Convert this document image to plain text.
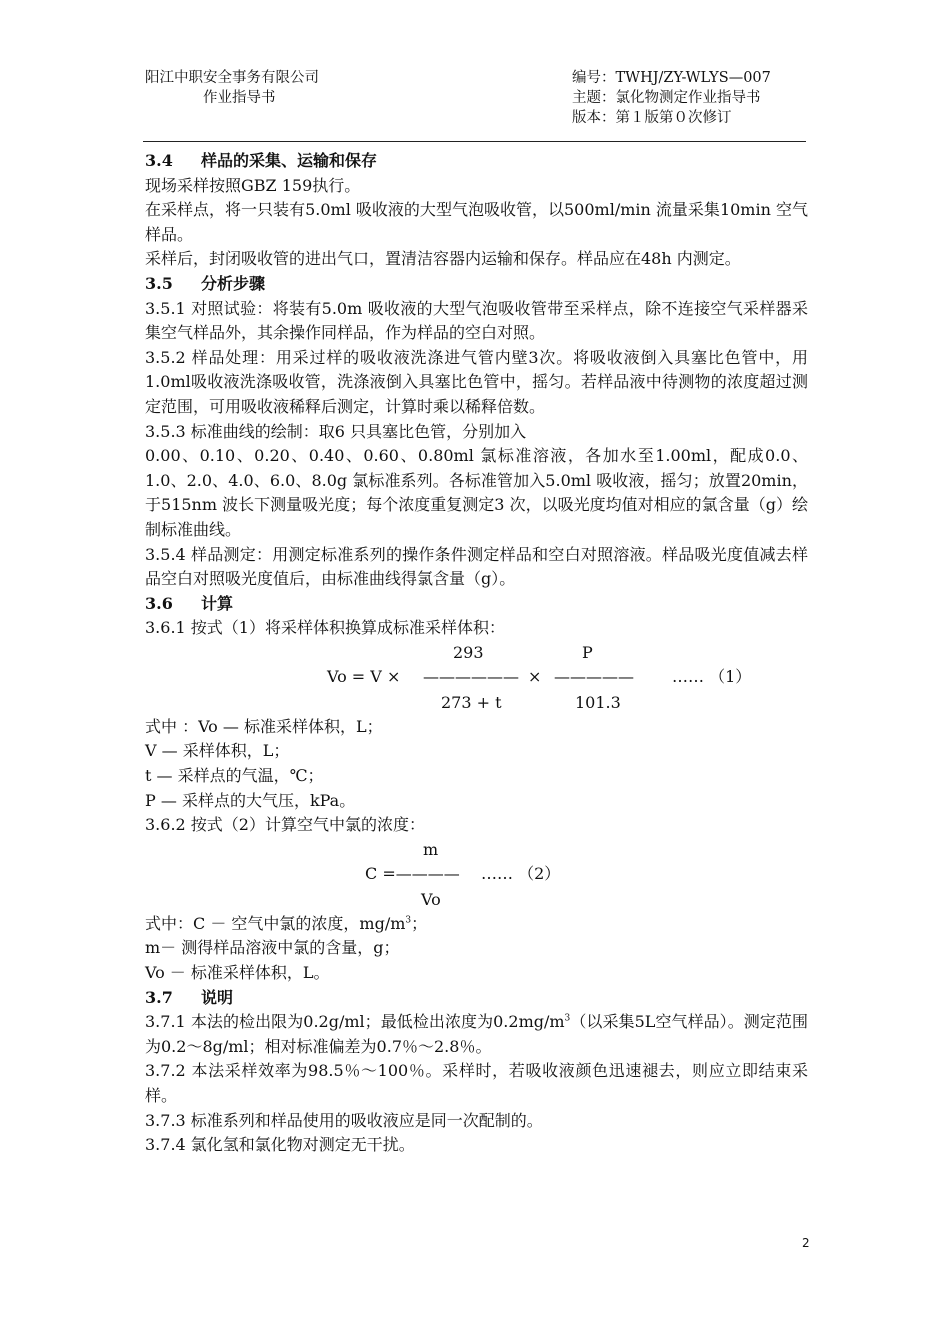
阳江中职安全事务有限公司
作业指导书
编号：TWHJ/ZY-WLYS—007
主题：氯化物测定作业指导书
版本：第１版第０次修订
3.4 样品的采集、运输和保存

现场采样按照GBZ 159执行。

在采样点，将一只装有5.0ml 吸收液的大型气泡吸收管，以500ml/min 流量采集10min 空气样品。

采样后，封闭吸收管的进出气口，置清洁容器内运输和保存。样品应在48h 内测定。

3.5 分析步骤

3.5.1 对照试验：将装有5.0m 吸收液的大型气泡吸收管带至采样点，除不连接空气采样器采集空气样品外，其余操作同样品，作为样品的空白对照。

3.5.2 样品处理：用采过样的吸收液洗涤进气管内壁3次。将吸收液倒入具塞比色管中，用1.0ml吸收液洗涤吸收管，洗涤液倒入具塞比色管中，摇匀。若样品液中待测物的浓度超过测定范围，可用吸收液稀释后测定，计算时乘以稀释倍数。

3.5.3 标准曲线的绘制：取6 只具塞比色管，分别加入

0.00、0.10、0.20、0.40、0.60、0.80ml 氯标准溶液，各加水至1.00ml，配成0.0、1.0、2.0、4.0、6.0、8.0g 氯标准系列。各标准管加入5.0ml 吸收液，摇匀；放置20min，于515nm 波长下测量吸光度；每个浓度重复测定3 次，以吸光度均值对相应的氯含量（g）绘制标准曲线。

3.5.4 样品测定：用测定标准系列的操作条件测定样品和空白对照溶液。样品吸光度值减去样品空白对照吸光度值后，由标准曲线得氯含量（g）。

3.6 计算

3.6.1 按式（1）将采样体积换算成标准采样体积：

293	P
Vo = V × —————— × ————— …… （1）
273 + t	101.3

式中 ：Vo — 标准采样体积，L；

V — 采样体积，L；

t — 采样点的气温，℃；

P — 采样点的大气压，kPa。

3.6.2 按式（2）计算空气中氯的浓度：

m
C =———— …… （2）
Vo

式中：C － 空气中氯的浓度，$mg/m^3$；

m－ 测得样品溶液中氯的含量，g；

Vo － 标准采样体积，L。

3.7 说明

3.7.1 本法的检出限为0.2g/ml；最低检出浓度为$0.2mg/m^3$（以采集5L空气样品）。测定范围为0.2～8g/ml；相对标准偏差为0.7％～2.8％。

3.7.2 本法采样效率为98.5％～100％。采样时，若吸收液颜色迅速褪去，则应立即结束采样。

3.7.3 标准系列和样品使用的吸收液应是同一次配制的。

3.7.4 氯化氢和氯化物对测定无干扰。

2
